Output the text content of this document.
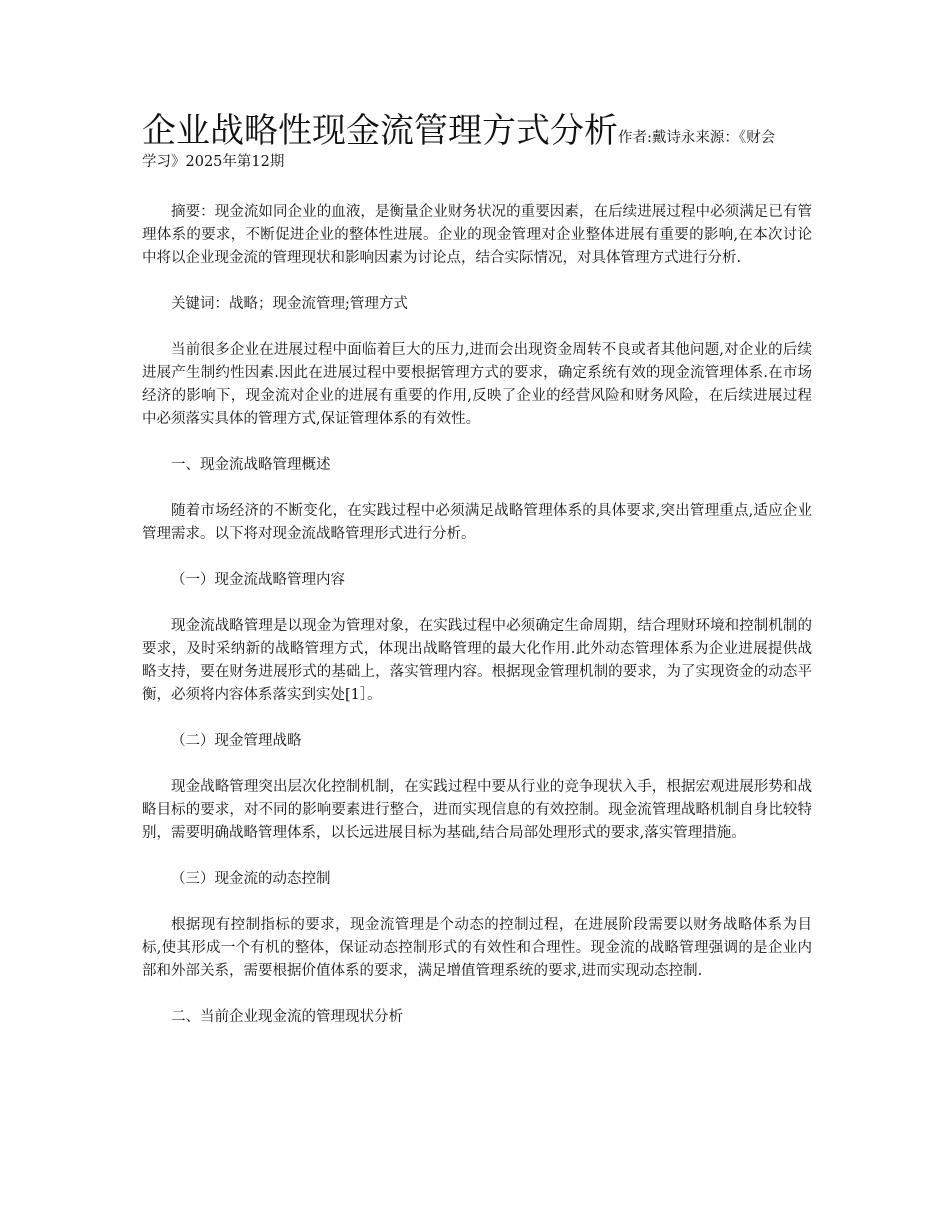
企业战略性现金流管理方式分析作者:戴诗永来源：《财会
学习》2025年第12期

摘要：现金流如同企业的血液，是衡量企业财务状况的重要因素，在后续进展过程中必须满足已有管理体系的要求，不断促进企业的整体性进展。企业的现金管理对企业整体进展有重要的影响,在本次讨论中将以企业现金流的管理现状和影响因素为讨论点，结合实际情况，对具体管理方式进行分析.

关键词：战略；现金流管理;管理方式

当前很多企业在进展过程中面临着巨大的压力,进而会出现资金周转不良或者其他问题,对企业的后续进展产生制约性因素.因此在进展过程中要根据管理方式的要求，确定系统有效的现金流管理体系.在市场经济的影响下，现金流对企业的进展有重要的作用,反映了企业的经营风险和财务风险，在后续进展过程中必须落实具体的管理方式,保证管理体系的有效性。

一、现金流战略管理概述

随着市场经济的不断变化，在实践过程中必须满足战略管理体系的具体要求,突出管理重点,适应企业管理需求。以下将对现金流战略管理形式进行分析。

（一）现金流战略管理内容

现金流战略管理是以现金为管理对象，在实践过程中必须确定生命周期，结合理财环境和控制机制的要求，及时采纳新的战略管理方式，体现出战略管理的最大化作用.此外动态管理体系为企业进展提供战略支持，要在财务进展形式的基础上，落实管理内容。根据现金管理机制的要求，为了实现资金的动态平衡，必须将内容体系落实到实处[1］。

（二）现金管理战略

现金战略管理突出层次化控制机制，在实践过程中要从行业的竞争现状入手，根据宏观进展形势和战略目标的要求，对不同的影响要素进行整合，进而实现信息的有效控制。现金流管理战略机制自身比较特别，需要明确战略管理体系，以长远进展目标为基础,结合局部处理形式的要求,落实管理措施。

（三）现金流的动态控制

根据现有控制指标的要求，现金流管理是个动态的控制过程，在进展阶段需要以财务战略体系为目标,使其形成一个有机的整体，保证动态控制形式的有效性和合理性。现金流的战略管理强调的是企业内部和外部关系，需要根据价值体系的要求，满足增值管理系统的要求,进而实现动态控制.

二、当前企业现金流的管理现状分析
